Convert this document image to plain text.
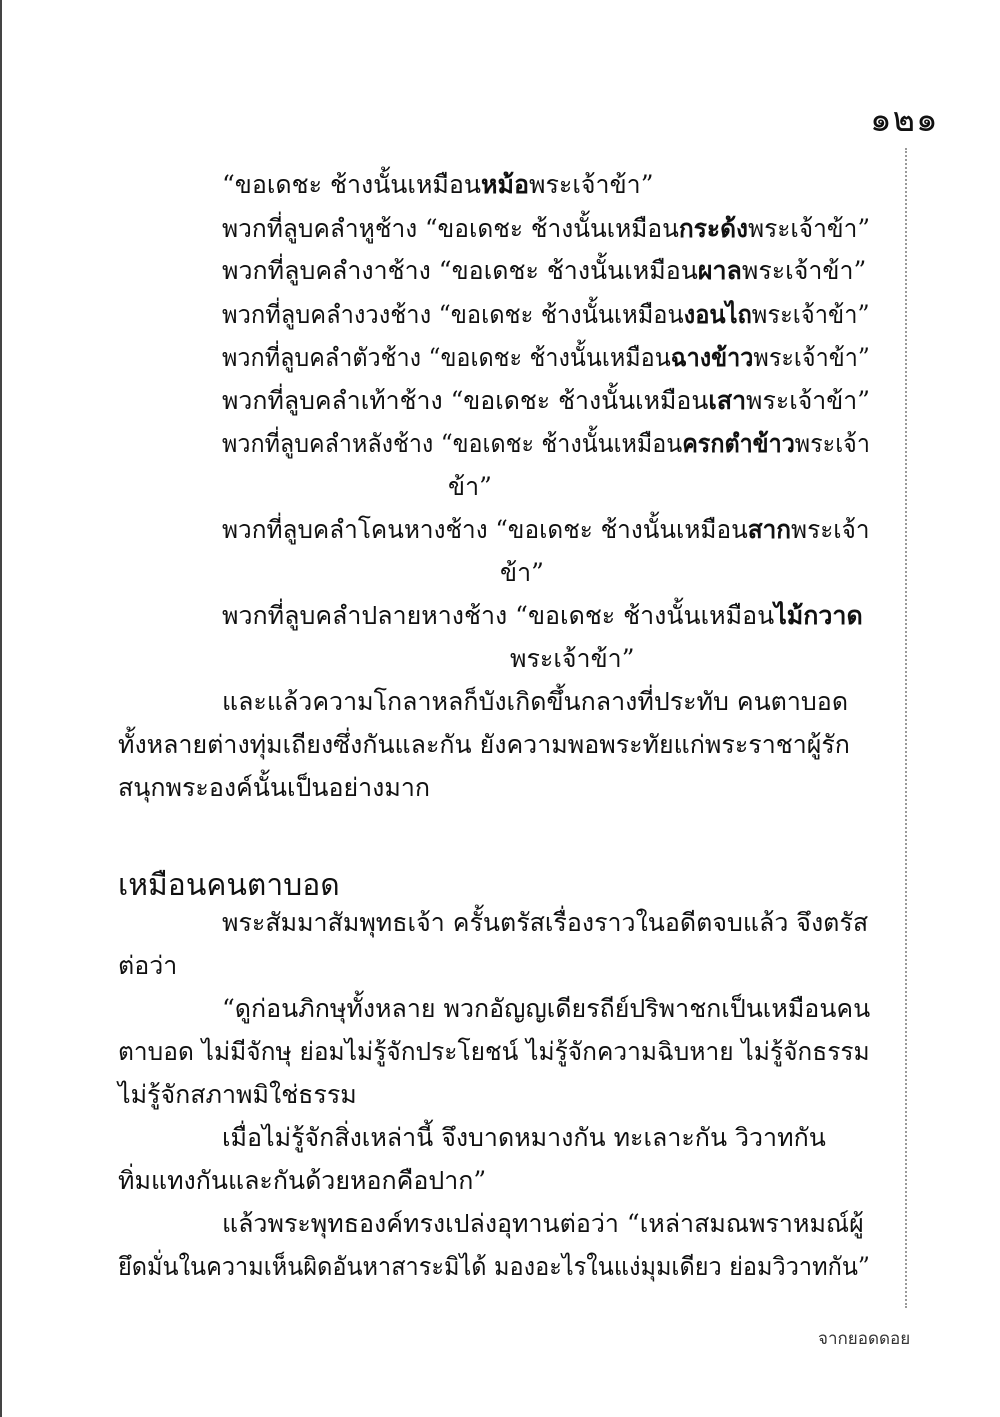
๑๒๑
“ขอเดชะ ช้างนั้นเหมือนหม้อพระเจ้าข้า”
พวกที่ลูบคลำหูช้าง “ขอเดชะ ช้างนั้นเหมือนกระด้งพระเจ้าข้า”
พวกที่ลูบคลำงาช้าง “ขอเดชะ ช้างนั้นเหมือนผาลพระเจ้าข้า”
พวกที่ลูบคลำงวงช้าง “ขอเดชะ ช้างนั้นเหมือนงอนไถพระเจ้าข้า”
พวกที่ลูบคลำตัวช้าง “ขอเดชะ ช้างนั้นเหมือนฉางข้าวพระเจ้าข้า”
พวกที่ลูบคลำเท้าช้าง “ขอเดชะ ช้างนั้นเหมือนเสาพระเจ้าข้า”
พวกที่ลูบคลำหลังช้าง “ขอเดชะ ช้างนั้นเหมือนครกตำข้าวพระเจ้า
ข้า”
พวกที่ลูบคลำโคนหางช้าง “ขอเดชะ ช้างนั้นเหมือนสากพระเจ้า
ข้า”
พวกที่ลูบคลำปลายหางช้าง “ขอเดชะ ช้างนั้นเหมือนไม้กวาด
พระเจ้าข้า”
และแล้วความโกลาหลก็บังเกิดขึ้นกลางที่ประทับ คนตาบอด
ทั้งหลายต่างทุ่มเถียงซึ่งกันและกัน ยังความพอพระทัยแก่พระราชาผู้รัก
สนุกพระองค์นั้นเป็นอย่างมาก
เหมือนคนตาบอด
พระสัมมาสัมพุทธเจ้า ครั้นตรัสเรื่องราวในอดีตจบแล้ว จึงตรัส
ต่อว่า
“ดูก่อนภิกษุทั้งหลาย พวกอัญญเดียรถีย์ปริพาชกเป็นเหมือนคน
ตาบอด ไม่มีจักษุ ย่อมไม่รู้จักประโยชน์ ไม่รู้จักความฉิบหาย ไม่รู้จักธรรม
ไม่รู้จักสภาพมิใช่ธรรม
เมื่อไม่รู้จักสิ่งเหล่านี้ จึงบาดหมางกัน ทะเลาะกัน วิวาทกัน
ทิ่มแทงกันและกันด้วยหอกคือปาก”
แล้วพระพุทธองค์ทรงเปล่งอุทานต่อว่า “เหล่าสมณพราหมณ์ผู้
ยึดมั่นในความเห็นผิดอันหาสาระมิได้ มองอะไรในแง่มุมเดียว ย่อมวิวาทกัน”
จากยอดดอย
